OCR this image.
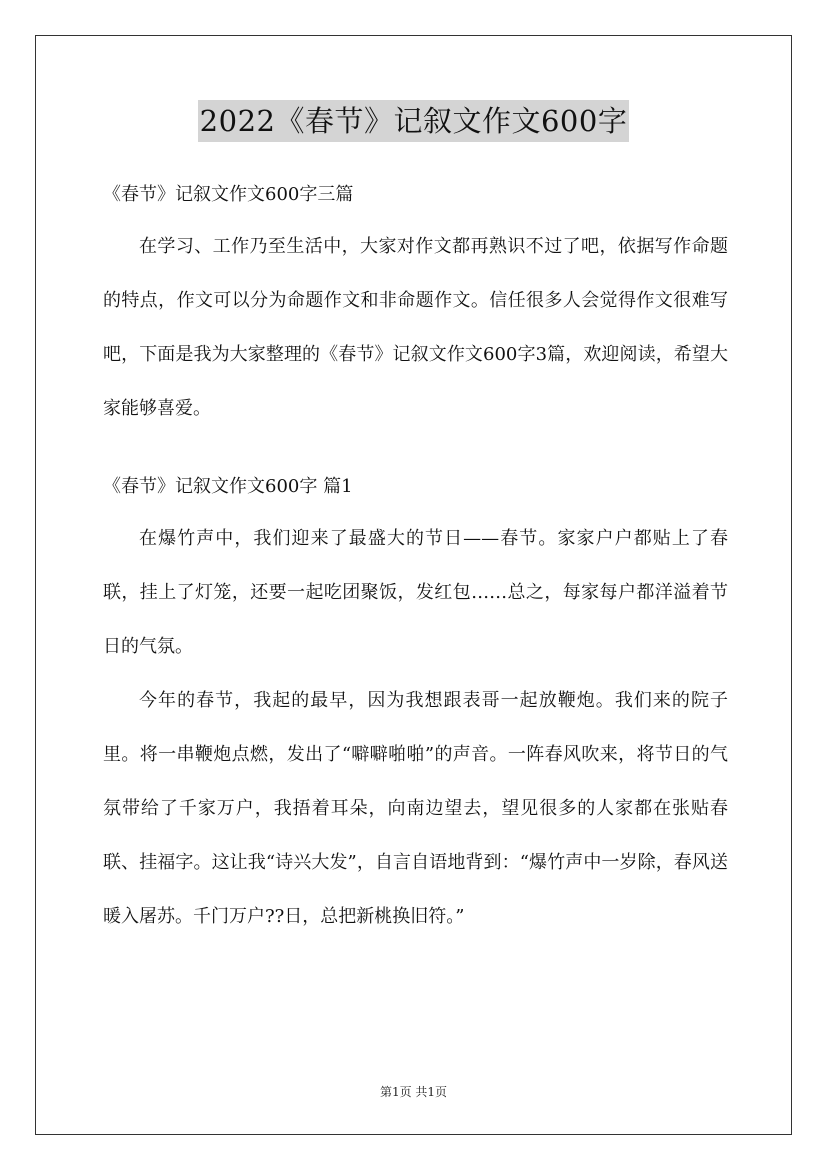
2022《春节》记叙文作文600字

《春节》记叙文作文600字三篇

在学习、工作乃至生活中，大家对作文都再熟识不过了吧，依据写作命题的特点，作文可以分为命题作文和非命题作文。信任很多人会觉得作文很难写吧，下面是我为大家整理的《春节》记叙文作文600字3篇，欢迎阅读，希望大家能够喜爱。

《春节》记叙文作文600字 篇1

在爆竹声中，我们迎来了最盛大的节日——春节。家家户户都贴上了春联，挂上了灯笼，还要一起吃团聚饭，发红包……总之，每家每户都洋溢着节日的气氛。

今年的春节，我起的最早，因为我想跟表哥一起放鞭炮。我们来的院子里。将一串鞭炮点燃，发出了“噼噼啪啪”的声音。一阵春风吹来，将节日的气氛带给了千家万户，我捂着耳朵，向南边望去，望见很多的人家都在张贴春联、挂福字。这让我“诗兴大发”，自言自语地背到：“爆竹声中一岁除，春风送暖入屠苏。千门万户??日，总把新桃换旧符。”

第1页 共1页
